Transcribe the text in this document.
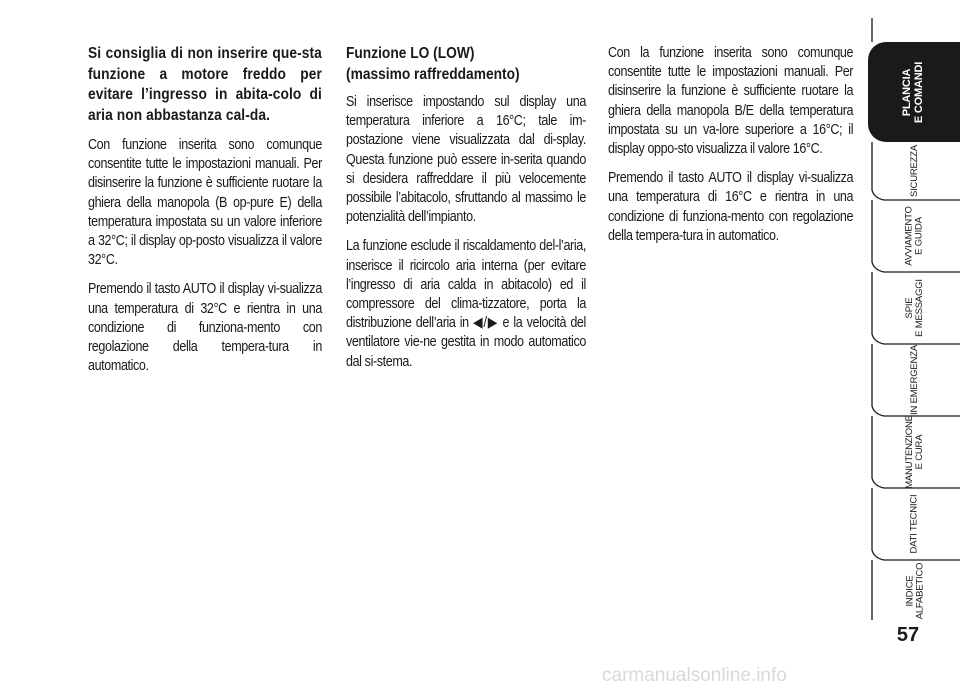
Si consiglia di non inserire que-sta funzione a motore freddo per evitare l’ingresso in abita-colo di aria non abbastanza cal-da.

Con funzione inserita sono comunque consentite tutte le impostazioni manuali. Per disinserire la funzione è sufficiente ruotare la ghiera della manopola (B op-pure E) della temperatura impostata su un valore inferiore a 32°C; il display op-posto visualizza il valore 32°C.

Premendo il tasto AUTO il display vi-sualizza una temperatura di 32°C e rientra in una condizione di funziona-mento con regolazione della tempera-tura in automatico.

Funzione LO (LOW)
(massimo raffreddamento)

Si inserisce impostando sul display una temperatura inferiore a 16°C; tale im-postazione viene visualizzata dal di-splay. Questa funzione può essere in-serita quando si desidera raffreddare il più velocemente possibile l’abitacolo, sfruttando al massimo le potenzialità dell’impianto.

La funzione esclude il riscaldamento del-l’aria, inserisce il ricircolo aria interna (per evitare l’ingresso di aria calda in abitacolo) ed il compressore del clima-tizzatore, porta la distribuzione dell’aria in ◀/▶ e la velocità del ventilatore vie-ne gestita in modo automatico dal si-stema.

Con la funzione inserita sono comunque consentite tutte le impostazioni manuali. Per disinserire la funzione è sufficiente ruotare la ghiera della manopola B/E della temperatura impostata su un va-lore superiore a 16°C; il display oppo-sto visualizza il valore 16°C.

Premendo il tasto AUTO il display vi-sualizza una temperatura di 16°C e rientra in una condizione di funziona-mento con regolazione della tempera-tura in automatico.

PLANCIA E COMANDI
SICUREZZA
AVVIAMENTO E GUIDA
SPIE E MESSAGGI
IN EMERGENZA
MANUTENZIONE E CURA
DATI TECNICI
INDICE ALFABETICO
57
carmanualsonline.info
